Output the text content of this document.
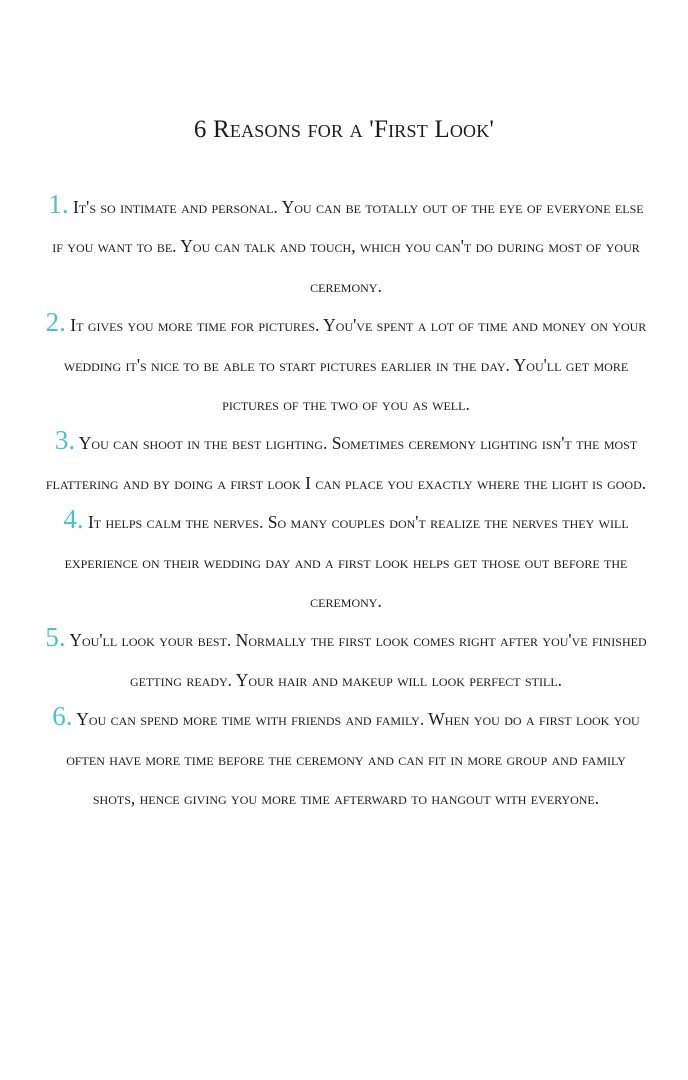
6 Reasons for a 'First Look'
1. It's so intimate and personal. You can be totally out of the eye of everyone else if you want to be. You can talk and touch, which you can't do during most of your ceremony.
2. It gives you more time for pictures. You've spent a lot of time and money on your wedding it's nice to be able to start pictures earlier in the day. You'll get more pictures of the two of you as well.
3. You can shoot in the best lighting. Sometimes ceremony lighting isn't the most flattering and by doing a first look I can place you exactly where the light is good.
4. It helps calm the nerves. So many couples don't realize the nerves they will experience on their wedding day and a first look helps get those out before the ceremony.
5. You'll look your best. Normally the first look comes right after you've finished getting ready. Your hair and makeup will look perfect still.
6. You can spend more time with friends and family. When you do a first look you often have more time before the ceremony and can fit in more group and family shots, hence giving you more time afterward to hangout with everyone.
